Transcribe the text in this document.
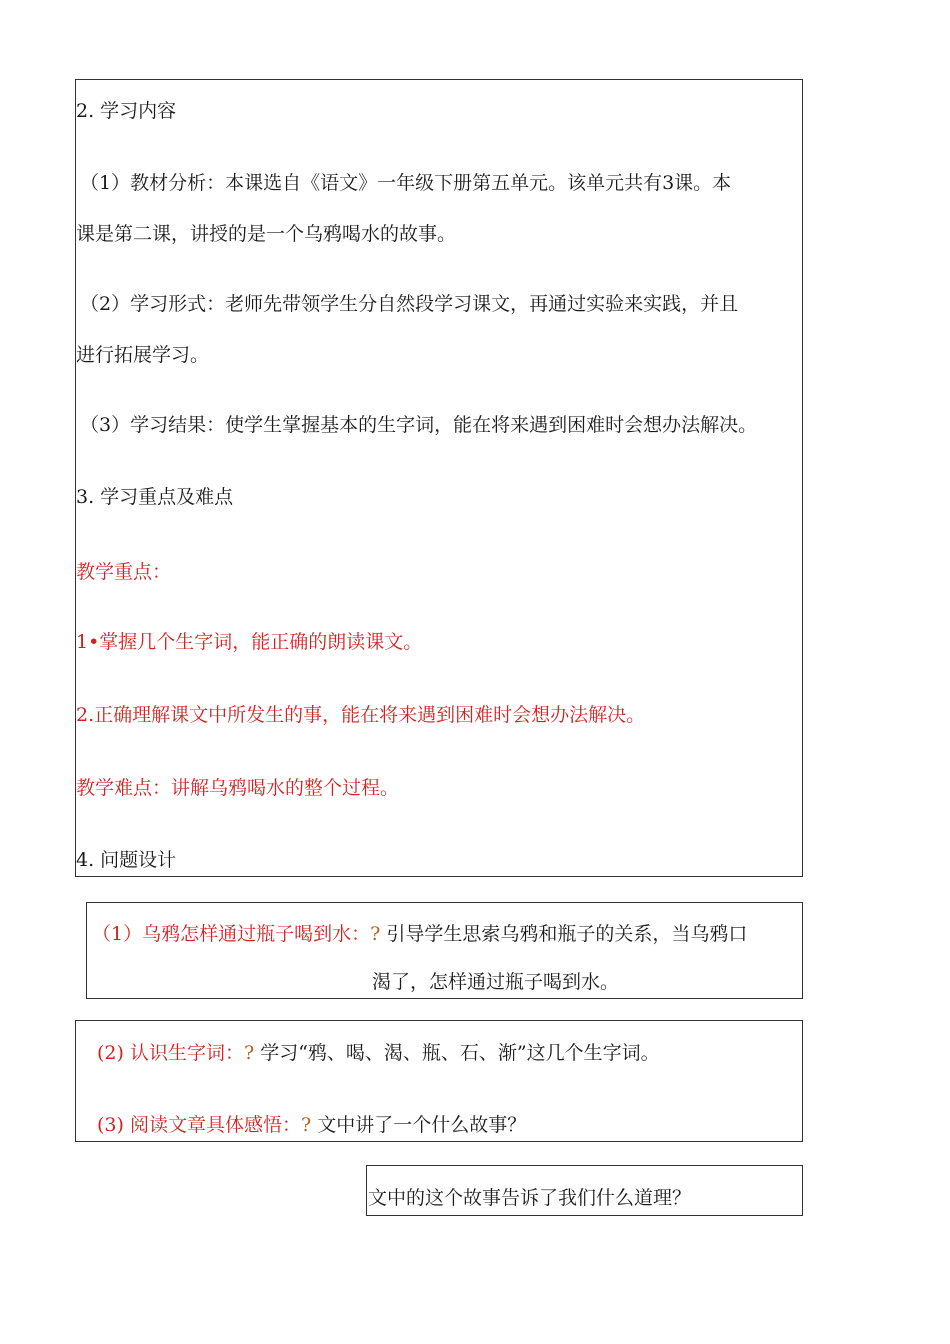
2. 学习内容
（1）教材分析：本课选自《语文》一年级下册第五单元。该单元共有3课。本
课是第二课，讲授的是一个乌鸦喝水的故事。
（2）学习形式：老师先带领学生分自然段学习课文，再通过实验来实践，并且
进行拓展学习。
（3）学习结果：使学生掌握基本的生字词，能在将来遇到困难时会想办法解决。
3. 学习重点及难点
教学重点：
1•掌握几个生字词，能正确的朗读课文。
2.正确理解课文中所发生的事，能在将来遇到困难时会想办法解决。
教学难点：讲解乌鸦喝水的整个过程。
4. 问题设计
（1）乌鸦怎样通过瓶子喝到水：? 引导学生思索乌鸦和瓶子的关系，当乌鸦口
渴了，怎样通过瓶子喝到水。
(2) 认识生字词：? 学习“鸦、喝、渴、瓶、石、渐”这几个生字词。
(3) 阅读文章具体感悟：? 文中讲了一个什么故事？
文中的这个故事告诉了我们什么道理？
